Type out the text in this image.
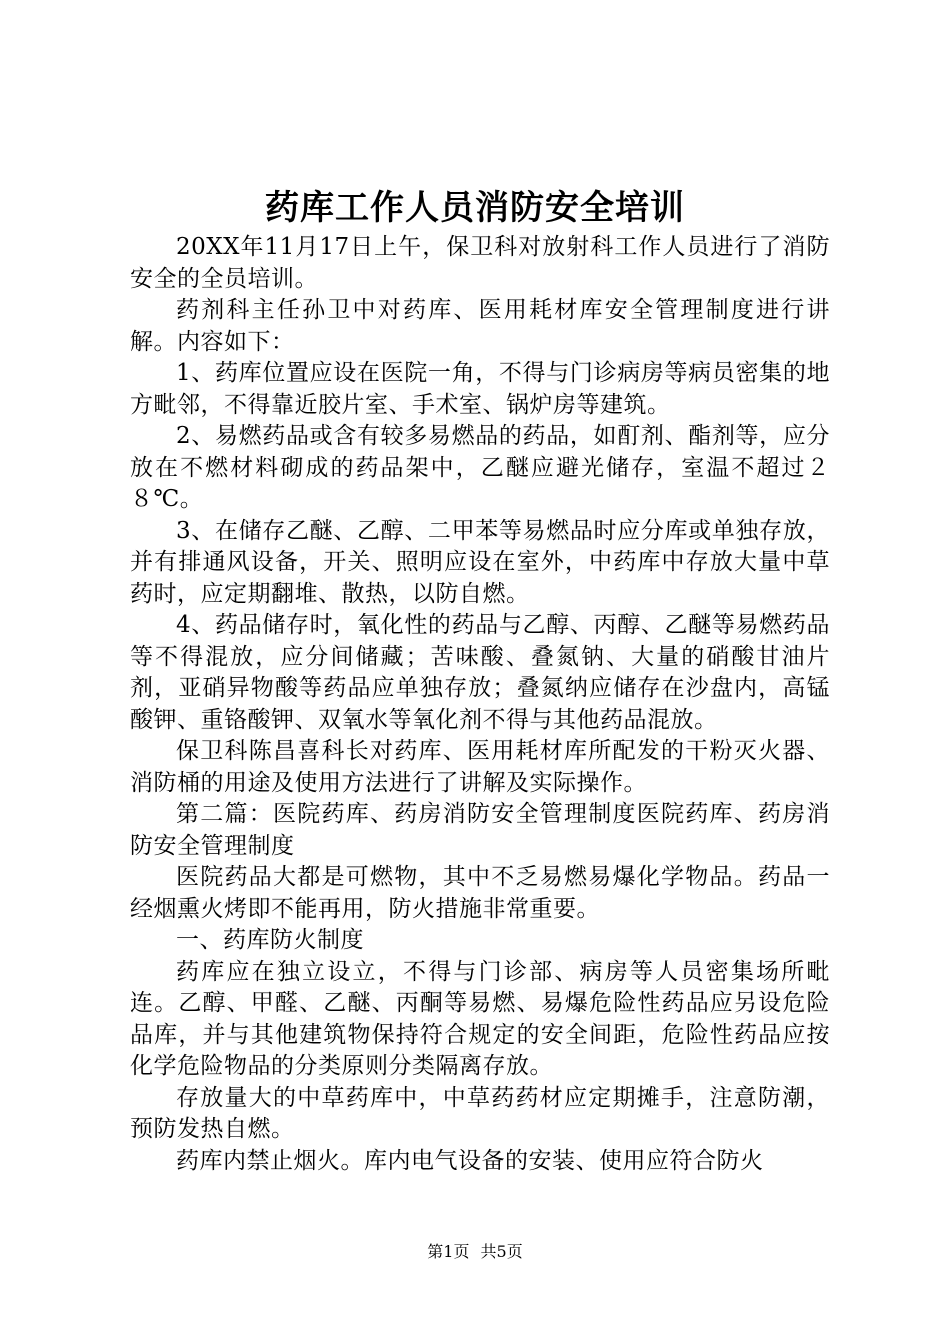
药库工作人员消防安全培训

20XX年11月17日上午，保卫科对放射科工作人员进行了消防安全的全员培训。

药剂科主任孙卫中对药库、医用耗材库安全管理制度进行讲解。内容如下：

1、药库位置应设在医院一角，不得与门诊病房等病员密集的地方毗邻，不得靠近胶片室、手术室、锅炉房等建筑。

2、易燃药品或含有较多易燃品的药品，如酊剂、酯剂等，应分放在不燃材料砌成的药品架中，乙醚应避光储存，室温不超过２８℃。

3、在储存乙醚、乙醇、二甲苯等易燃品时应分库或单独存放，并有排通风设备，开关、照明应设在室外，中药库中存放大量中草药时，应定期翻堆、散热，以防自燃。

4、药品储存时，氧化性的药品与乙醇、丙醇、乙醚等易燃药品等不得混放，应分间储藏；苦味酸、叠氮钠、大量的硝酸甘油片剂，亚硝异物酸等药品应单独存放；叠氮纳应储存在沙盘内，高锰酸钾、重铬酸钾、双氧水等氧化剂不得与其他药品混放。

保卫科陈昌喜科长对药库、医用耗材库所配发的干粉灭火器、消防桶的用途及使用方法进行了讲解及实际操作。

第二篇：医院药库、药房消防安全管理制度医院药库、药房消防安全管理制度

医院药品大都是可燃物，其中不乏易燃易爆化学物品。药品一经烟熏火烤即不能再用，防火措施非常重要。

一、药库防火制度

药库应在独立设立，不得与门诊部、病房等人员密集场所毗连。乙醇、甲醛、乙醚、丙酮等易燃、易爆危险性药品应另设危险品库，并与其他建筑物保持符合规定的安全间距，危险性药品应按化学危险物品的分类原则分类隔离存放。

存放量大的中草药库中，中草药药材应定期摊手，注意防潮，预防发热自燃。

药库内禁止烟火。库内电气设备的安装、使用应符合防火

第1页 共5页
